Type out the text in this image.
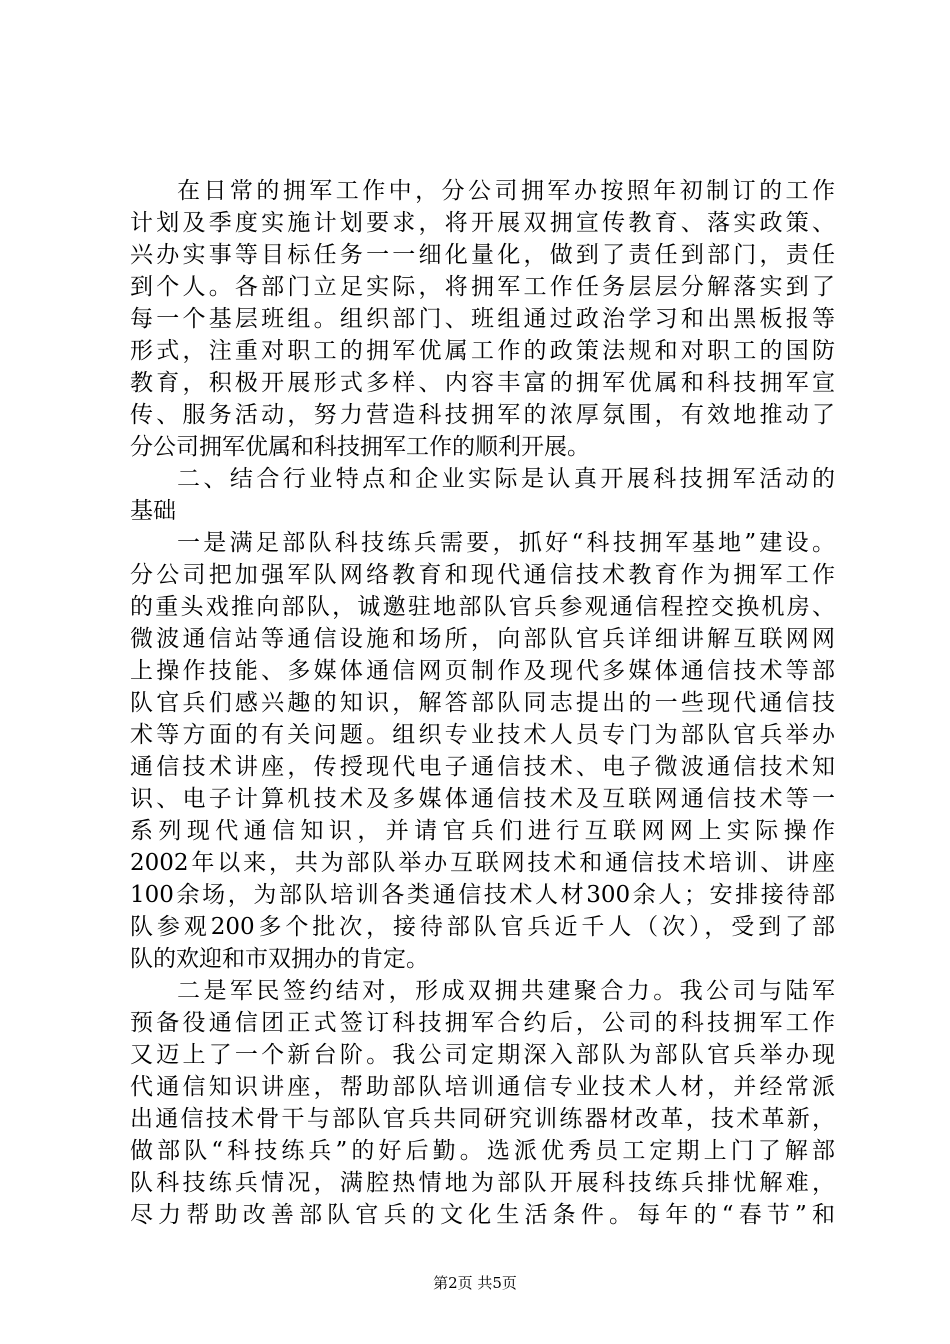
在日常的拥军工作中，分公司拥军办按照年初制订的工作
计划及季度实施计划要求，将开展双拥宣传教育、落实政策、
兴办实事等目标任务一一细化量化，做到了责任到部门，责任
到个人。各部门立足实际，将拥军工作任务层层分解落实到了
每一个基层班组。组织部门、班组通过政治学习和出黑板报等
形式，注重对职工的拥军优属工作的政策法规和对职工的国防
教育，积极开展形式多样、内容丰富的拥军优属和科技拥军宣
传、服务活动，努力营造科技拥军的浓厚氛围，有效地推动了
分公司拥军优属和科技拥军工作的顺利开展。
二、结合行业特点和企业实际是认真开展科技拥军活动的
基础
一是满足部队科技练兵需要，抓好“科技拥军基地”建设。
分公司把加强军队网络教育和现代通信技术教育作为拥军工作
的重头戏推向部队，诚邀驻地部队官兵参观通信程控交换机房、
微波通信站等通信设施和场所，向部队官兵详细讲解互联网网
上操作技能、多媒体通信网页制作及现代多媒体通信技术等部
队官兵们感兴趣的知识，解答部队同志提出的一些现代通信技
术等方面的有关问题。组织专业技术人员专门为部队官兵举办
通信技术讲座，传授现代电子通信技术、电子微波通信技术知
识、电子计算机技术及多媒体通信技术及互联网通信技术等一
系列现代通信知识，并请官兵们进行互联网网上实际操作
2002年以来，共为部队举办互联网技术和通信技术培训、讲座
100余场，为部队培训各类通信技术人材300余人；安排接待部
队参观200多个批次，接待部队官兵近千人（次），受到了部
队的欢迎和市双拥办的肯定。
二是军民签约结对，形成双拥共建聚合力。我公司与陆军
预备役通信团正式签订科技拥军合约后，公司的科技拥军工作
又迈上了一个新台阶。我公司定期深入部队为部队官兵举办现
代通信知识讲座，帮助部队培训通信专业技术人材，并经常派
出通信技术骨干与部队官兵共同研究训练器材改革，技术革新，
做部队“科技练兵”的好后勤。选派优秀员工定期上门了解部
队科技练兵情况，满腔热情地为部队开展科技练兵排忧解难，
尽力帮助改善部队官兵的文化生活条件。每年的“春节”和
第2页 共5页
